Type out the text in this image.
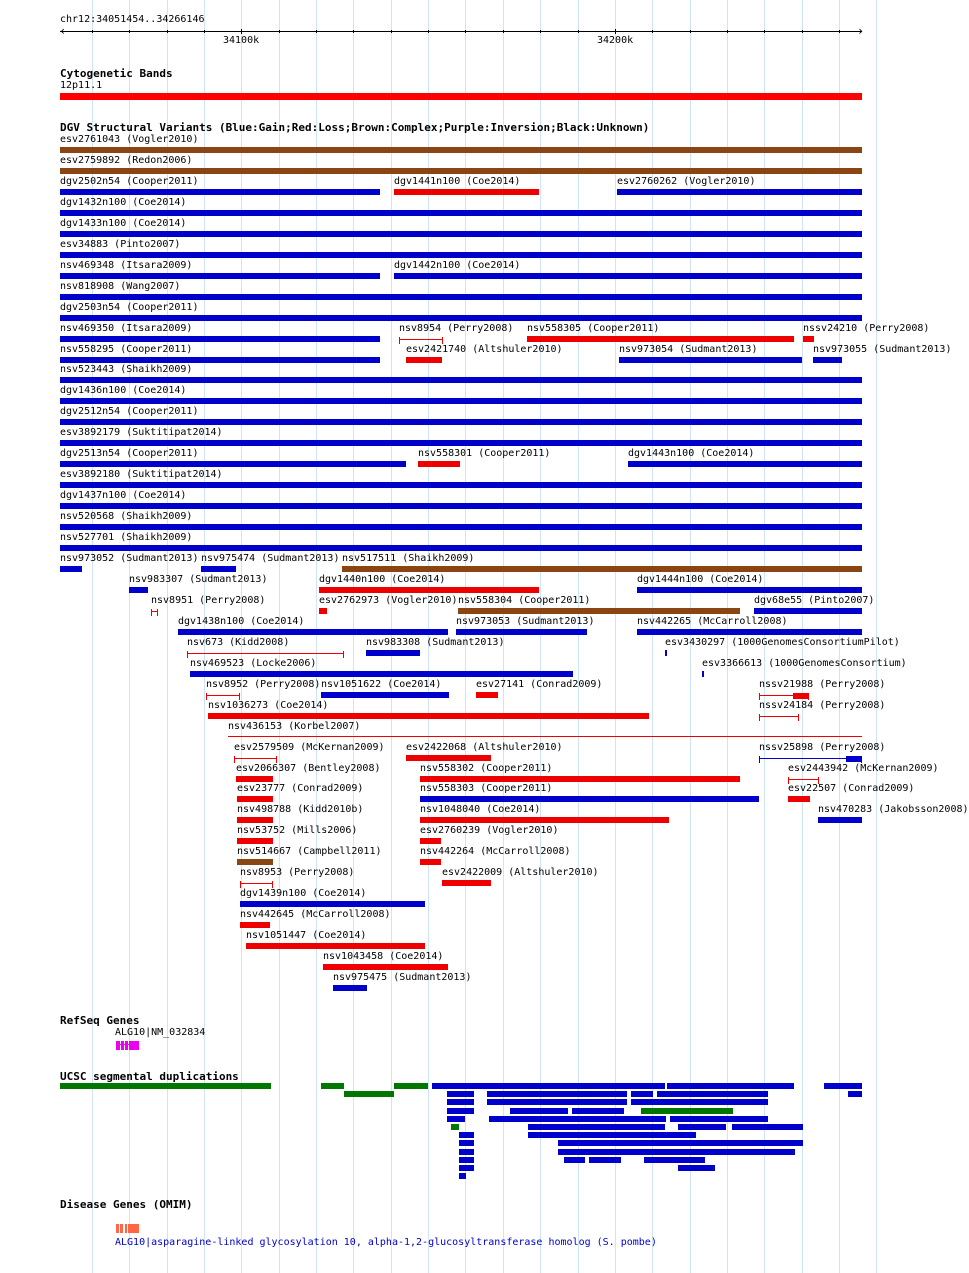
chr12:34051454..34266146
‹	›
34100k	34200k
Cytogenetic Bands
12p11.1
DGV Structural Variants (Blue:Gain;Red:Loss;Brown:Complex;Purple:Inversion;Black:Unknown)
esv2761043 (Vogler2010)
esv2759892 (Redon2006)
dgv2502n54 (Cooper2011)	dgv1441n100 (Coe2014)	esv2760262 (Vogler2010)
dgv1432n100 (Coe2014)
dgv1433n100 (Coe2014)
esv34883 (Pinto2007)
nsv469348 (Itsara2009)	dgv1442n100 (Coe2014)
nsv818908 (Wang2007)
dgv2503n54 (Cooper2011)
nsv469350 (Itsara2009)	nsv8954 (Perry2008) nsv558305 (Cooper2011)	nssv24210 (Perry2008)
nsv558295 (Cooper2011)	esv2421740 (Altshuler2010)	nsv973054 (Sudmant2013)	nsv973055 (Sudmant2013)
nsv523443 (Shaikh2009)
dgv1436n100 (Coe2014)
dgv2512n54 (Cooper2011)
esv3892179 (Suktitipat2014)
dgv2513n54 (Cooper2011)	nsv558301 (Cooper2011)	dgv1443n100 (Coe2014)
esv3892180 (Suktitipat2014)
dgv1437n100 (Coe2014)
nsv520568 (Shaikh2009)
nsv527701 (Shaikh2009)
nsv973052 (Sudmant2013) nsv975474 (Sudmant2013) nsv517511 (Shaikh2009)
nsv983307 (Sudmant2013)	dgv1440n100 (Coe2014)	dgv1444n100 (Coe2014)
nsv8951 (Perry2008)	esv2762973 (Vogler2010) nsv558304 (Cooper2011)	dgv68e55 (Pinto2007)
dgv1438n100 (Coe2014)	nsv973053 (Sudmant2013)	nsv442265 (McCarroll2008)
nsv673 (Kidd2008)	nsv983308 (Sudmant2013)	esv3430297 (1000GenomesConsortiumPilot)
nsv469523 (Locke2006)	esv3366613 (1000GenomesConsortium)
nsv8952 (Perry2008) nsv1051622 (Coe2014)	esv27141 (Conrad2009)	nssv21988 (Perry2008)
nsv1036273 (Coe2014)	nssv24184 (Perry2008)
nsv436153 (Korbel2007)
esv2579509 (McKernan2009) esv2422068 (Altshuler2010)	nssv25898 (Perry2008)
esv2066307 (Bentley2008)	nsv558302 (Cooper2011)	esv2443942 (McKernan2009)
esv23777 (Conrad2009)	nsv558303 (Cooper2011)	esv22507 (Conrad2009)
nsv498788 (Kidd2010b)	nsv1048040 (Coe2014)	nsv470283 (Jakobsson2008)
nsv53752 (Mills2006)	esv2760239 (Vogler2010)
nsv514667 (Campbell2011)	nsv442264 (McCarroll2008)
nsv8953 (Perry2008)	esv2422009 (Altshuler2010)
dgv1439n100 (Coe2014)
nsv442645 (McCarroll2008)
nsv1051447 (Coe2014)
nsv1043458 (Coe2014)
nsv975475 (Sudmant2013)
RefSeq Genes
ALG10|NM_032834
UCSC segmental duplications
Disease Genes (OMIM)
ALG10|asparagine-linked glycosylation 10, alpha-1,2-glucosyltransferase homolog (S. pombe)
